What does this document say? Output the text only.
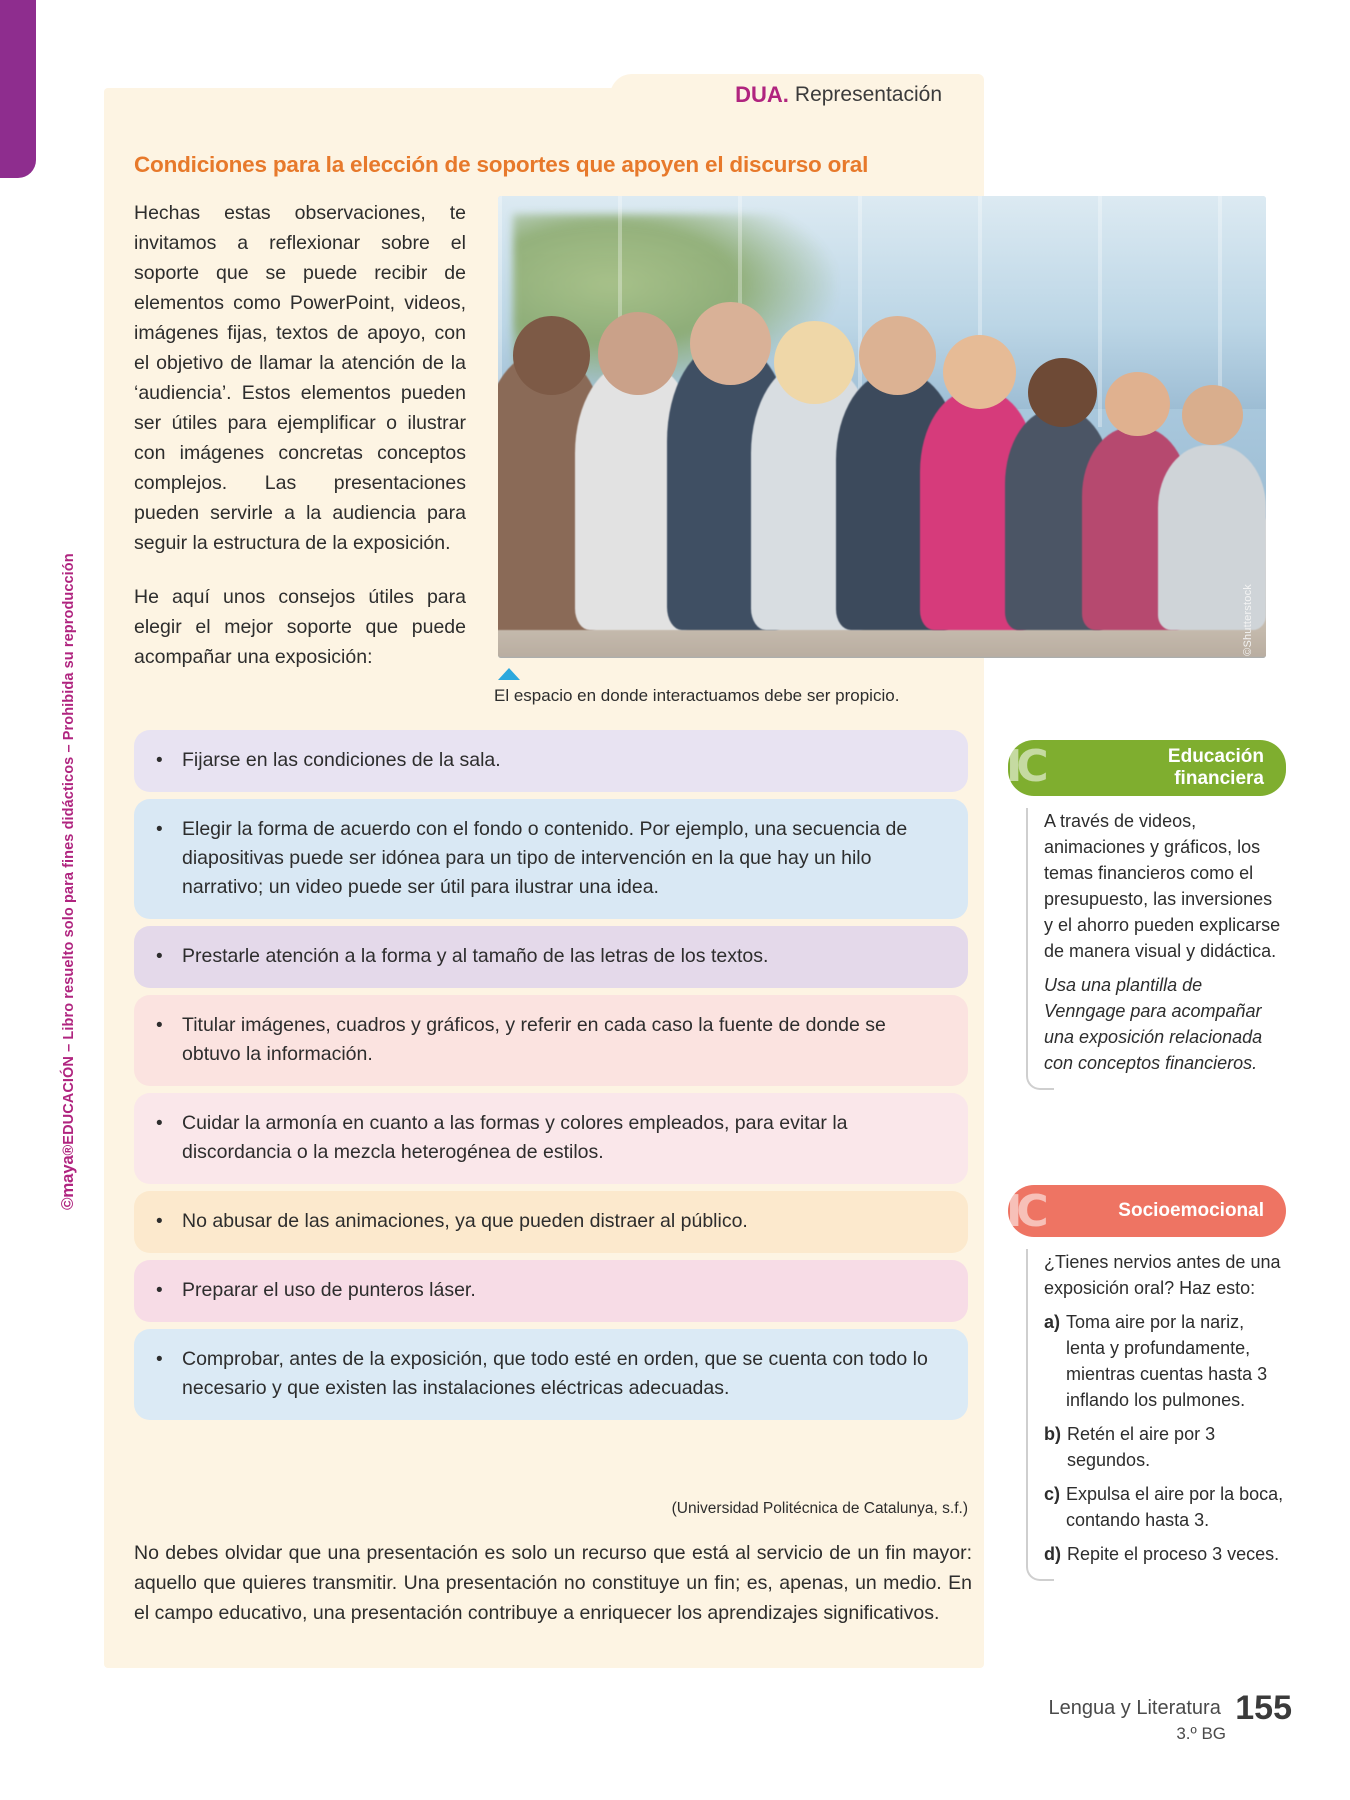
©maya®EDUCACIÓN – Libro resuelto solo para fines didácticos – Prohibida su reproducción
DUA. Representación
Condiciones para la elección de soportes que apoyen el discurso oral

Hechas estas observaciones, te invitamos a reflexionar sobre el soporte que se puede recibir de elementos como PowerPoint, videos, imágenes fijas, textos de apoyo, con el objetivo de llamar la atención de la ‘audiencia’. Estos elementos pueden ser útiles para ejemplificar o ilustrar con imágenes concretas conceptos complejos. Las presentaciones pueden servirle a la audiencia para seguir la estructura de la exposición.

He aquí unos consejos útiles para elegir el mejor soporte que puede acompañar una exposición:

©Shutterstock
El espacio en donde interactuamos debe ser propicio.
• Fijarse en las condiciones de la sala.
• Elegir la forma de acuerdo con el fondo o contenido. Por ejemplo, una secuencia de diapositivas puede ser idónea para un tipo de intervención en la que hay un hilo narrativo; un video puede ser útil para ilustrar una idea.
• Prestarle atención a la forma y al tamaño de las letras de los textos.
• Titular imágenes, cuadros y gráficos, y referir en cada caso la fuente de donde se obtuvo la información.
• Cuidar la armonía en cuanto a las formas y colores empleados, para evitar la discordancia o la mezcla heterogénea de estilos.
• No abusar de las animaciones, ya que pueden distraer al público.
• Preparar el uso de punteros láser.
• Comprobar, antes de la exposición, que todo esté en orden, que se cuenta con todo lo necesario y que existen las instalaciones eléctricas adecuadas.
(Universidad Politécnica de Catalunya, s.f.)
No debes olvidar que una presentación es solo un recurso que está al servicio de un fin mayor: aquello que quieres transmitir. Una presentación no constituye un fin; es, apenas, un medio. En el campo educativo, una presentación contribuye a enriquecer los aprendizajes significativos.
IC	Educación
financiera

A través de videos, animaciones y gráficos, los temas financieros como el presupuesto, las inversiones y el ahorro pueden explicarse de manera visual y didáctica.

Usa una plantilla de Venngage para acompañar una exposición relacionada con conceptos financieros.

IC	Socioemocional

¿Tienes nervios antes de una exposición oral? Haz esto:

a) Toma aire por la nariz, lenta y profundamente, mientras cuentas hasta 3 inflando los pulmones.
b) Retén el aire por 3 segundos.
c) Expulsa el aire por la boca, contando hasta 3.
d) Repite el proceso 3 veces.
Lengua y Literatura 155
3.º BG
